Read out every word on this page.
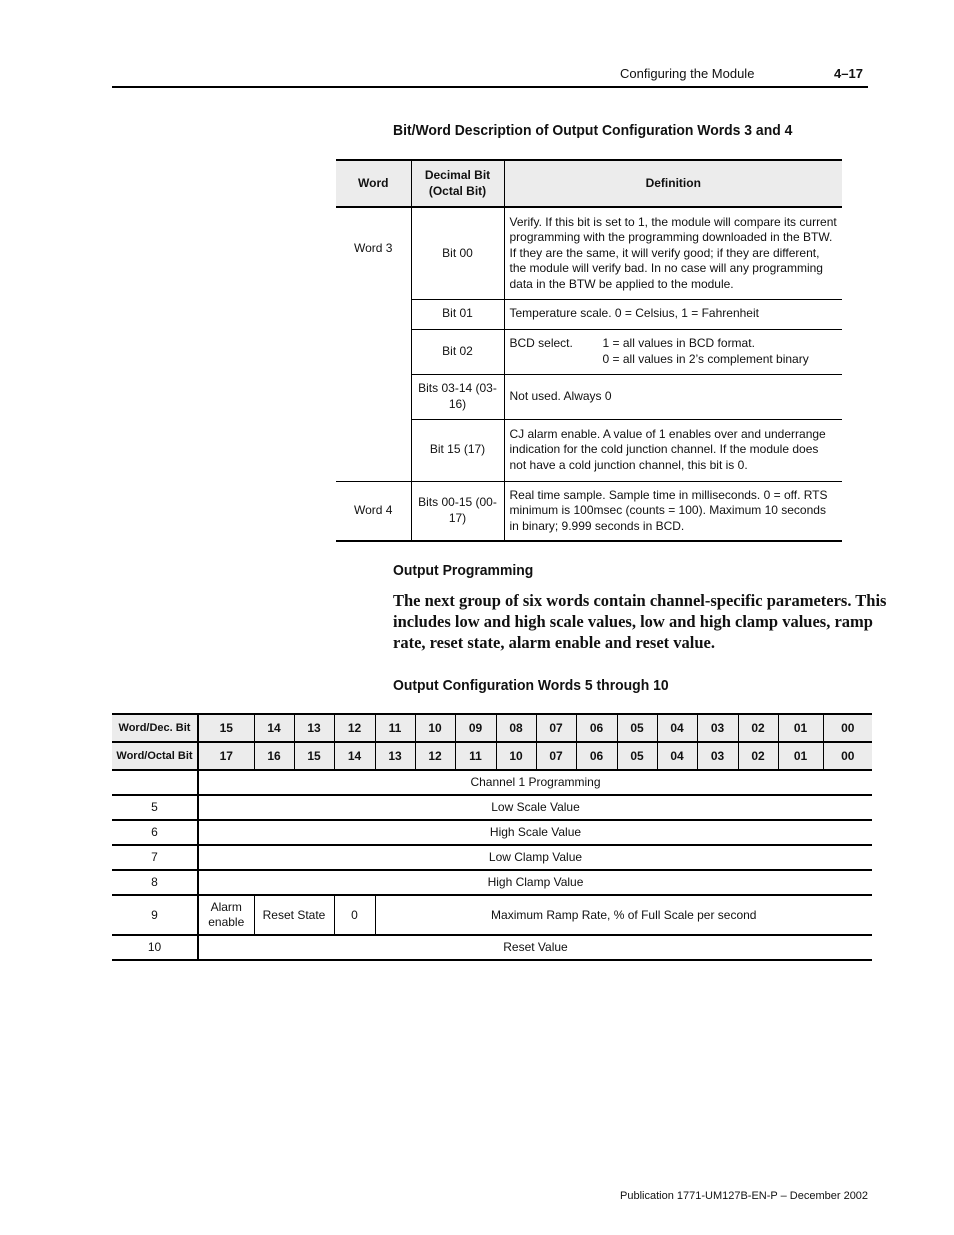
Configuring the Module	4–17
Bit/Word Description of Output Configuration Words 3 and 4
Word	Decimal Bit (Octal Bit)	Definition
Word 3	Bit 00	Verify. If this bit is set to 1, the module will compare its current programming with the programming downloaded in the BTW. If they are the same, it will verify good; if they are different, the module will verify bad. In no case will any programming data in the BTW be applied to the module.
	Bit 01	Temperature scale. 0 = Celsius, 1 = Fahrenheit
	Bit 02	BCD select. 1 = all values in BCD format.
0 = all values in 2’s complement binary

	Bits 03-14 (03-16)	Not used. Always 0
	Bit 15 (17)	CJ alarm enable. A value of 1 enables over and underrange indication for the cold junction channel. If the module does not have a cold junction channel, this bit is 0.
Word 4	Bits 00-15 (00-17)	Real time sample. Sample time in milliseconds. 0 = off. RTS minimum is 100msec (counts = 100). Maximum 10 seconds in binary; 9.999 seconds in BCD.
Output Programming
The next group of six words contain channel-specific parameters. This includes low and high scale values, low and high clamp values, ramp rate, reset state, alarm enable and reset value.
Output Configuration Words 5 through 10
Word/Dec. Bit	15	14	13	12	11	10	09	08	07	06	05	04	03	02	01	00
Word/Octal Bit	17	16	15	14	13	12	11	10	07	06	05	04	03	02	01	00
	Channel 1 Programming															
5	Low Scale Value															
6	High Scale Value															
7	Low Clamp Value															
8	High Clamp Value															
9	Alarm enable	Reset State		0	Maximum Ramp Rate, % of Full Scale per second											
10	Reset Value															
Publication 1771-UM127B-EN-P – December 2002
